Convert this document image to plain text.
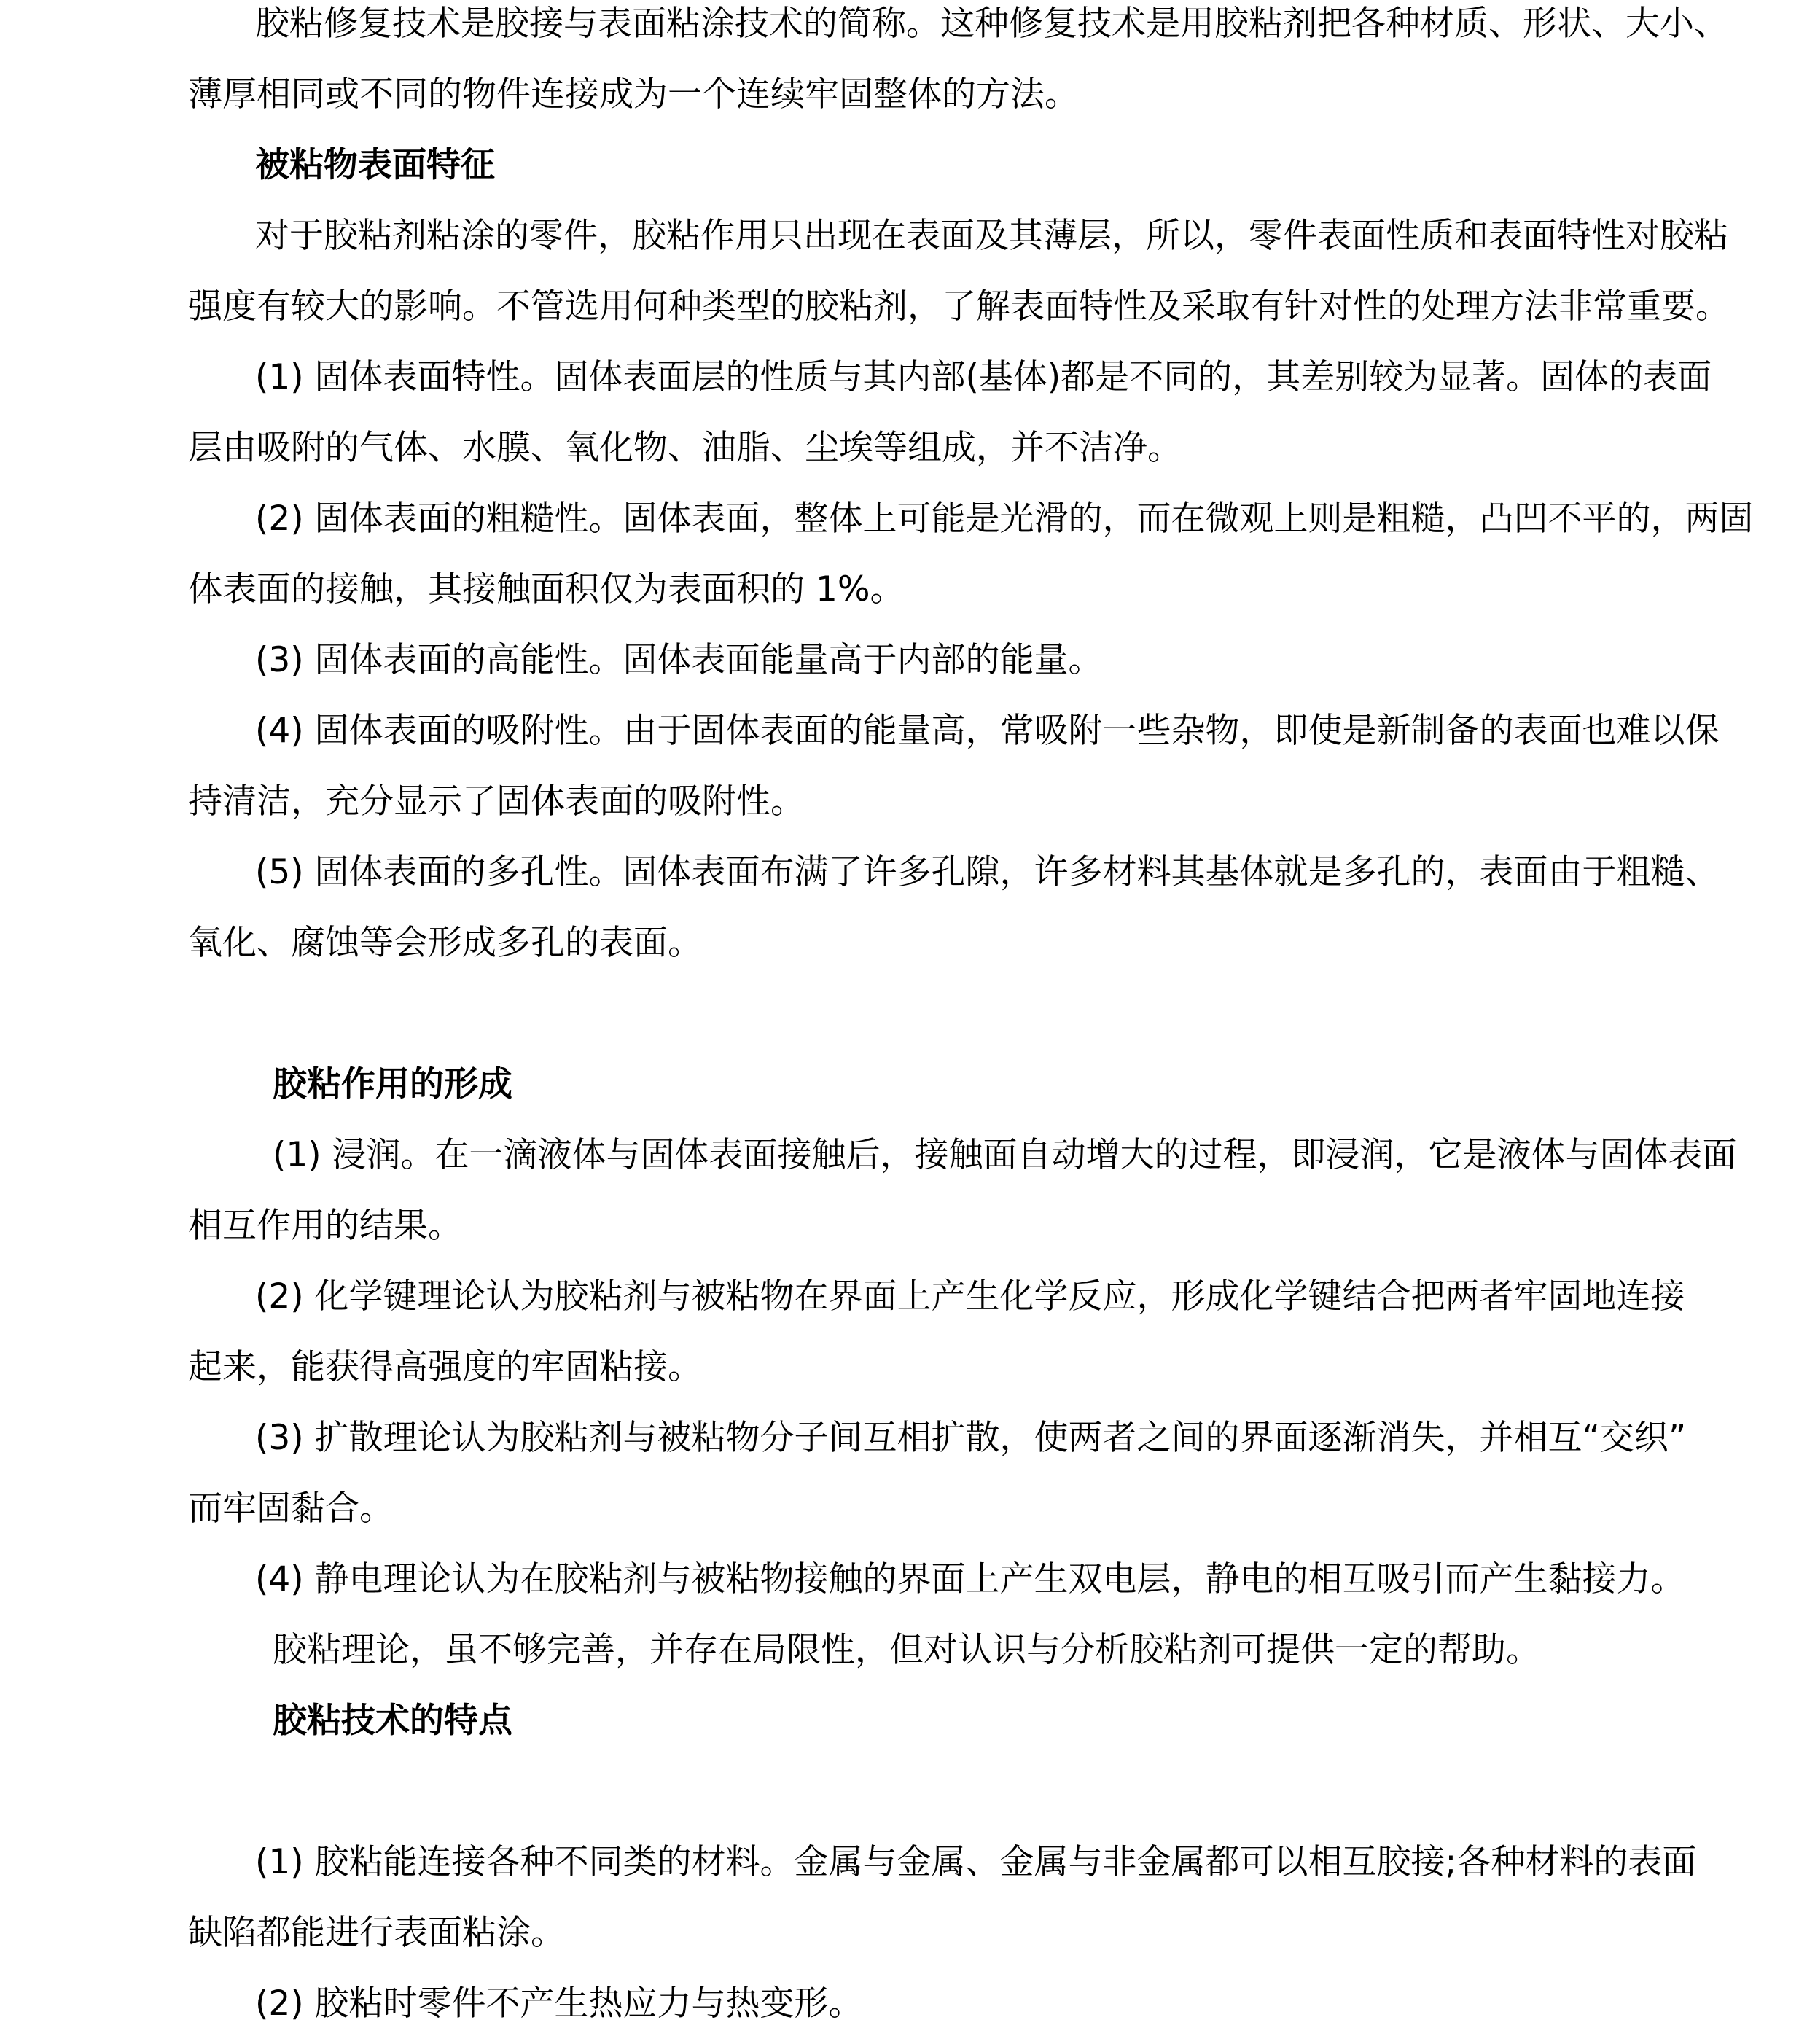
胶粘修复技术是胶接与表面粘涂技术的简称。这种修复技术是用胶粘剂把各种材质、形状、大小、
薄厚相同或不同的物件连接成为一个连续牢固整体的方法。
被粘物表面特征
对于胶粘剂粘涂的零件，胶粘作用只出现在表面及其薄层，所以，零件表面性质和表面特性对胶粘
强度有较大的影响。不管选用何种类型的胶粘剂，了解表面特性及采取有针对性的处理方法非常重要。
(1) 固体表面特性。固体表面层的性质与其内部(基体)都是不同的，其差别较为显著。固体的表面
层由吸附的气体、水膜、氧化物、油脂、尘埃等组成，并不洁净。
(2) 固体表面的粗糙性。固体表面，整体上可能是光滑的，而在微观上则是粗糙，凸凹不平的，两固
体表面的接触，其接触面积仅为表面积的 1%。
(3) 固体表面的高能性。固体表面能量高于内部的能量。
(4) 固体表面的吸附性。由于固体表面的能量高，常吸附一些杂物，即使是新制备的表面也难以保
持清洁，充分显示了固体表面的吸附性。
(5) 固体表面的多孔性。固体表面布满了许多孔隙，许多材料其基体就是多孔的，表面由于粗糙、
氧化、腐蚀等会形成多孔的表面。
胶粘作用的形成
(1) 浸润。在一滴液体与固体表面接触后，接触面自动增大的过程，即浸润，它是液体与固体表面
相互作用的结果。
(2) 化学键理论认为胶粘剂与被粘物在界面上产生化学反应，形成化学键结合把两者牢固地连接
起来，能获得高强度的牢固粘接。
(3) 扩散理论认为胶粘剂与被粘物分子间互相扩散，使两者之间的界面逐渐消失，并相互“交织”
而牢固黏合。
(4) 静电理论认为在胶粘剂与被粘物接触的界面上产生双电层，静电的相互吸引而产生黏接力。
胶粘理论，虽不够完善，并存在局限性，但对认识与分析胶粘剂可提供一定的帮助。
胶粘技术的特点
(1) 胶粘能连接各种不同类的材料。金属与金属、金属与非金属都可以相互胶接;各种材料的表面
缺陷都能进行表面粘涂。
(2) 胶粘时零件不产生热应力与热变形。
